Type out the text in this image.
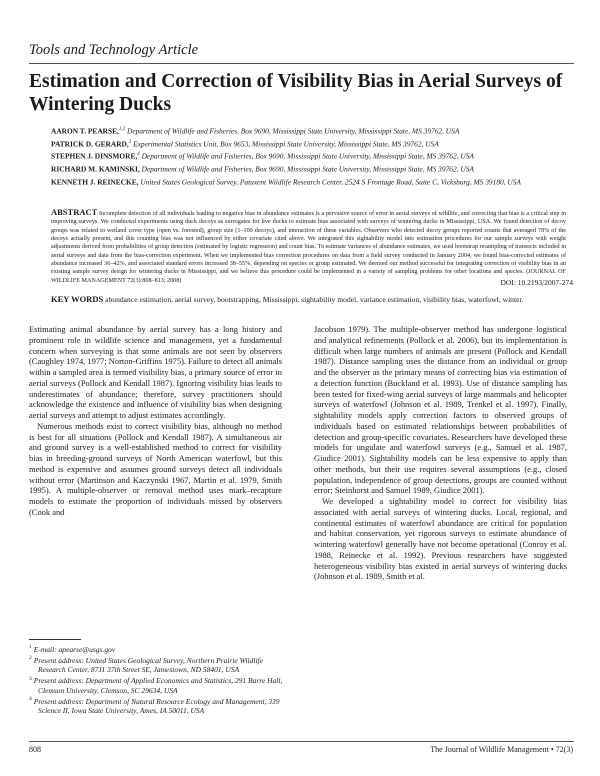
Tools and Technology Article
Estimation and Correction of Visibility Bias in Aerial Surveys of Wintering Ducks
AARON T. PEARSE,$^{1,2}$ Department of Wildlife and Fisheries, Box 9690, Mississippi State University, Mississippi State, MS 39762, USA
PATRICK D. GERARD,$^3$ Experimental Statistics Unit, Box 9653, Mississippi State University, Mississippi State, MS 39762, USA
STEPHEN J. DINSMORE,$^4$ Department of Wildlife and Fisheries, Box 9690, Mississippi State University, Mississippi State, MS 39762, USA
RICHARD M. KAMINSKI, Department of Wildlife and Fisheries, Box 9690, Mississippi State University, Mississippi State, MS 39762, USA
KENNETH J. REINECKE, United States Geological Survey, Patuxent Wildlife Research Center, 2524 S Frontage Road, Suite C, Vicksburg, MS 39180, USA
ABSTRACT Incomplete detection of all individuals leading to negative bias in abundance estimates is a pervasive source of error in aerial surveys of wildlife, and correcting that bias is a critical step in improving surveys. We conducted experiments using duck decoys as surrogates for live ducks to estimate bias associated with surveys of wintering ducks in Mississippi, USA. We found detection of decoy groups was related to wetland cover type (open vs. forested), group size (1–100 decoys), and interaction of these variables. Observers who detected decoy groups reported counts that averaged 78% of the decoys actually present, and this counting bias was not influenced by either covariate cited above. We integrated this sightability model into estimation procedures for our sample surveys with weight adjustments derived from probabilities of group detection (estimated by logistic regression) and count bias. To estimate variances of abundance estimates, we used bootstrap resampling of transects included in aerial surveys and data from the bias-correction experiment. When we implemented bias correction procedures on data from a field survey conducted in January 2004, we found bias-corrected estimates of abundance increased 36–42%, and associated standard errors increased 38–55%, depending on species or group estimated. We deemed our method successful for integrating correction of visibility bias in an existing sample survey design for wintering ducks in Mississippi, and we believe this procedure could be implemented in a variety of sampling problems for other locations and species. (JOURNAL OF WILDLIFE MANAGEMENT 72(3):808–813; 2008)	DOI: 10.2193/2007-274
KEY WORDS abundance estimation, aerial survey, bootstrapping, Mississippi, sightability model, variance estimation, visibility bias, waterfowl, winter.

Estimating animal abundance by aerial survey has a long history and prominent role in wildlife science and management, yet a fundamental concern when surveying is that some animals are not seen by observers (Caughley 1974, 1977; Norton-Griffins 1975). Failure to detect all animals within a sampled area is termed visibility bias, a primary source of error in aerial surveys (Pollock and Kendall 1987). Ignoring visibility bias leads to underestimates of abundance; therefore, survey practitioners should acknowledge the existence and influence of visibility bias when designing aerial surveys and attempt to adjust estimates accordingly.

Numerous methods exist to correct visibility bias, although no method is best for all situations (Pollock and Kendall 1987). A simultaneous air and ground survey is a well-established method to correct for visibility bias in breeding-ground surveys of North American waterfowl, but this method is expensive and assumes ground surveys detect all individuals without error (Martinson and Kaczynski 1967, Martin et al. 1979, Smith 1995). A multiple-observer or removal method uses mark–recapture models to estimate the proportion of individuals missed by observers (Cook and

Jacobson 1979). The multiple-observer method has undergone logistical and analytical refinements (Pollock et al. 2006), but its implementation is difficult when large numbers of animals are present (Pollock and Kendall 1987). Distance sampling uses the distance from an individual or group and the observer as the primary means of correcting bias via estimation of a detection function (Buckland et al. 1993). Use of distance sampling has been tested for fixed-wing aerial surveys of large mammals and helicopter surveys of waterfowl (Johnson et al. 1989, Trenkel et al. 1997). Finally, sightability models apply correction factors to observed groups of individuals based on estimated relationships between probabilities of detection and group-specific covariates. Researchers have developed these models for ungulate and waterfowl surveys (e.g., Samuel et al. 1987, Giudice 2001). Sightability models can be less expensive to apply than other methods, but their use requires several assumptions (e.g., closed population, independence of group detections, groups are counted without error; Steinhorst and Samuel 1989, Giudice 2001).

We developed a sightability model to correct for visibility bias associated with aerial surveys of wintering ducks. Local, regional, and continental estimates of waterfowl abundance are critical for population and habitat conservation, yet rigorous surveys to estimate abundance of wintering waterfowl generally have not become operational (Conroy et al. 1988, Reinecke et al. 1992). Previous researchers have suggested heterogeneous visibility bias existed in aerial surveys of wintering ducks (Johnson et al. 1989, Smith et al.

$^1$ E-mail: apearse@usgs.gov
$^2$ Present address: United States Geological Survey, Northern Prairie Wildlife Research Center, 8711 37th Street SE, Jamestown, ND 58401, USA
$^3$ Present address: Department of Applied Economics and Statistics, 291 Barre Hall, Clemson University, Clemson, SC 29634, USA
$^4$ Present address: Department of Natural Resource Ecology and Management, 339 Science II, Iowa State University, Ames, IA 50011, USA
808	The Journal of Wildlife Management • 72(3)
